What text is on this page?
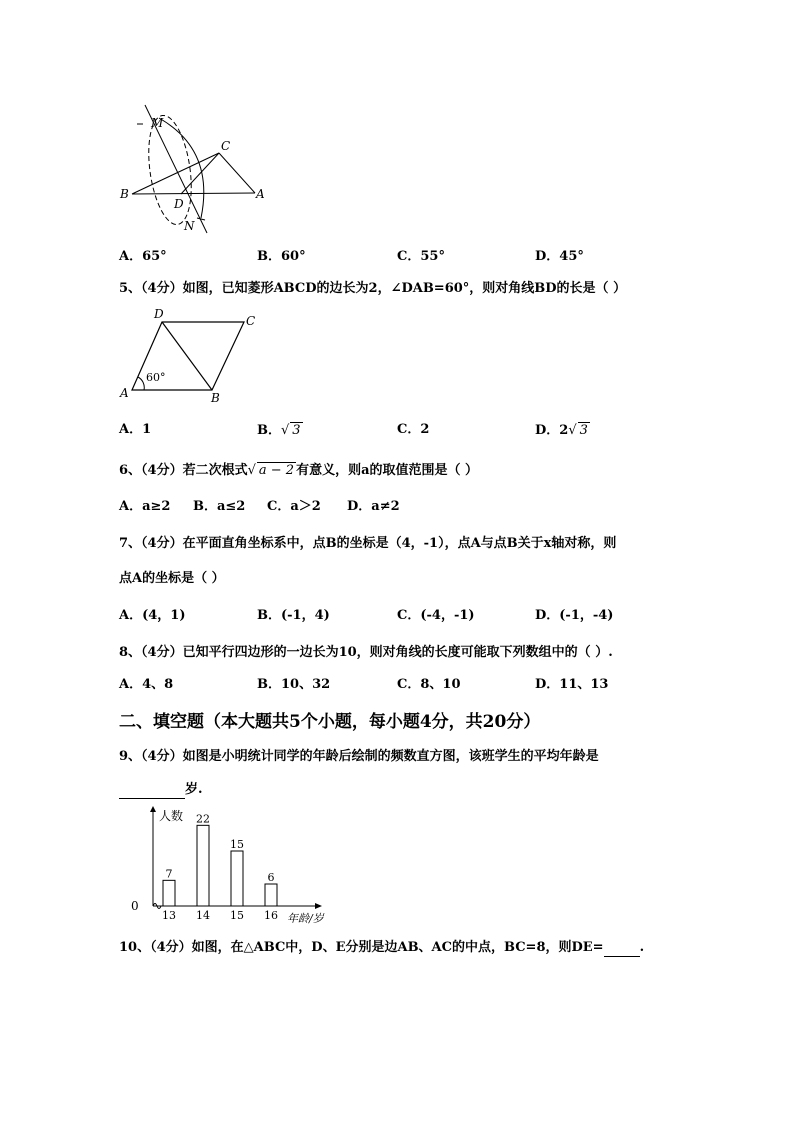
M
C
B	A
D
N
A．65°	B．60°	C．55°	D．45°
5、（4分）如图，已知菱形ABCD的边长为2，∠DAB=60°，则对角线BD的长是（ ）
D	C
A	B
60°
A．1	B．√ 3	C．2	D．2√ 3
6、（4分）若二次根式√ a − 2 有意义，则a的取值范围是（ ）
A．a≥2 B．a≤2 C．a＞2 D．a≠2
7、（4分）在平面直角坐标系中，点B的坐标是（4，-1），点A与点B关于x轴对称，则
点A的坐标是（ ）
A．(4，1)	B．(-1，4)	C．(-4，-1)	D．(-1，-4)
8、（4分）已知平行四边形的一边长为10，则对角线的长度可能取下列数组中的（ ）.
A．4、8	B．10、32	C．8、10	D．11、13
二、填空题（本大题共5个小题，每小题4分，共20分）
9、（4分）如图是小明统计同学的年龄后绘制的频数直方图，该班学生的平均年龄是
岁.
人数
年龄/岁
0
7
13
22
14
15
15
6
16
10、（4分）如图，在△ABC中，D、E分别是边AB、AC的中点，BC=8，则DE=	.
